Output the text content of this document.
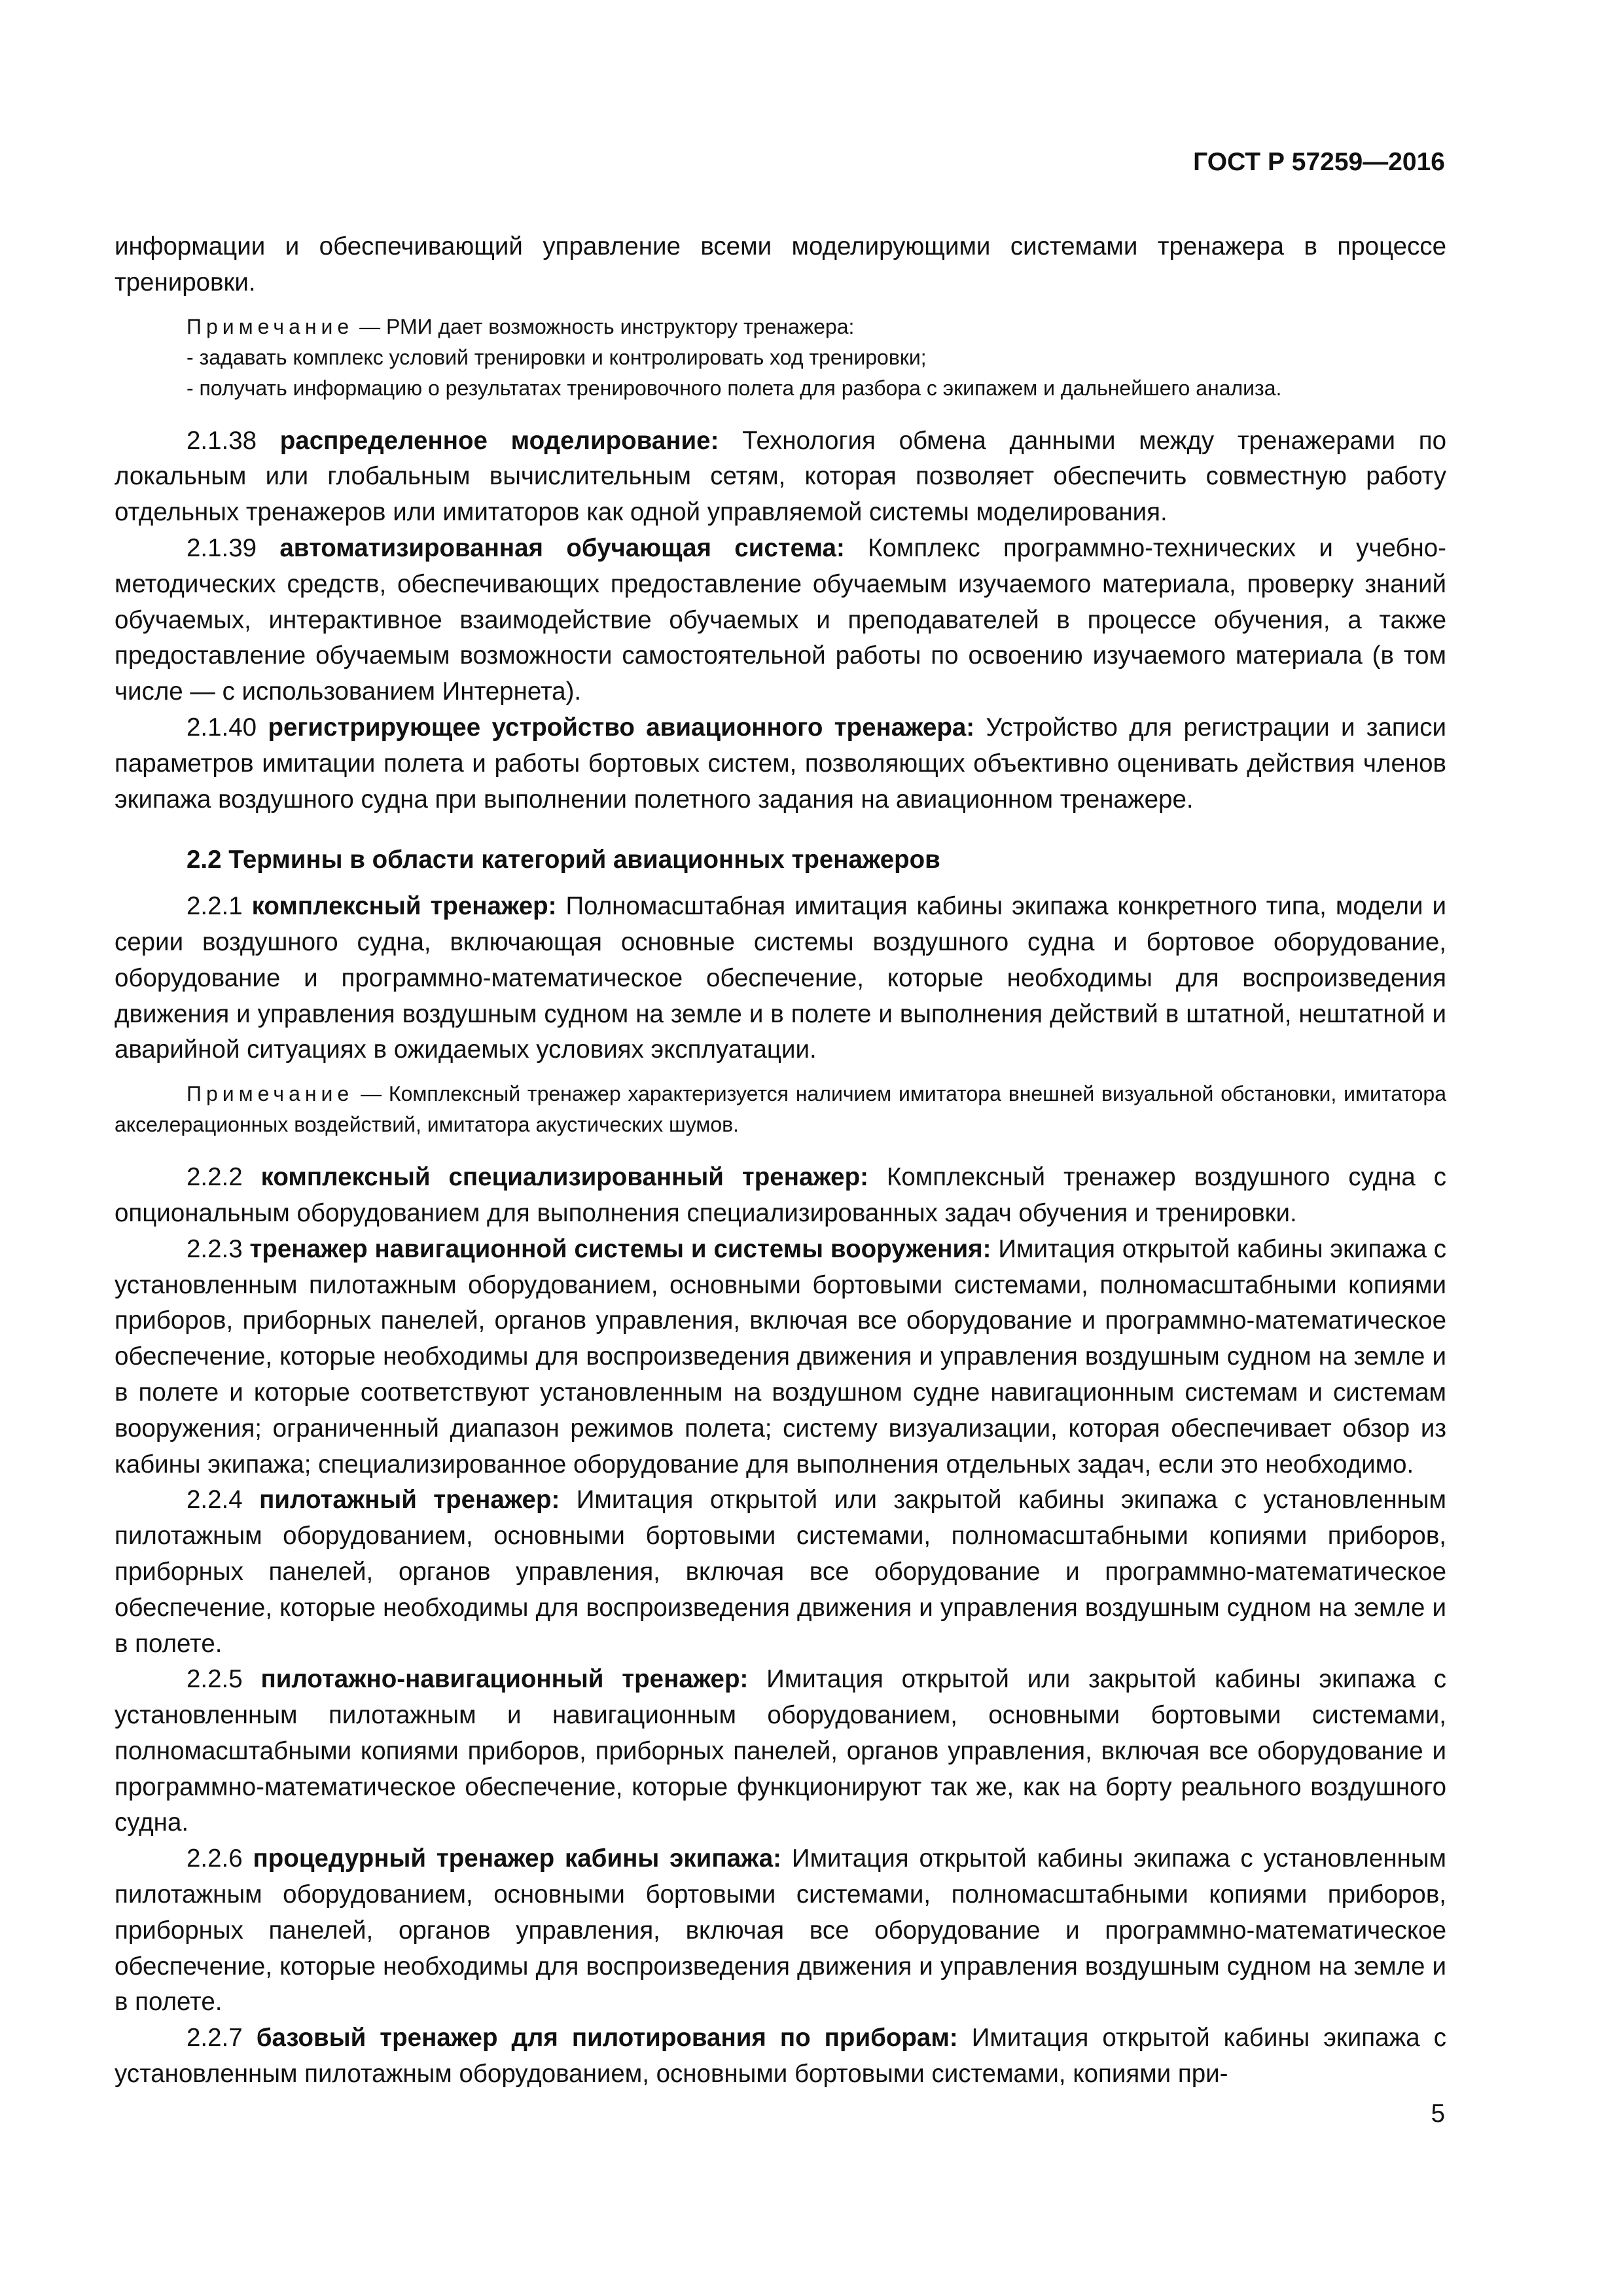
ГОСТ Р 57259—2016

информации и обеспечивающий управление всеми моделирующими системами тренажера в процессе тренировки.

Примечание — РМИ дает возможность инструктору тренажера:

- задавать комплекс условий тренировки и контролировать ход тренировки;

- получать информацию о результатах тренировочного полета для разбора с экипажем и дальнейшего анализа.

2.1.38 распределенное моделирование: Технология обмена данными между тренажерами по локальным или глобальным вычислительным сетям, которая позволяет обеспечить совместную работу отдельных тренажеров или имитаторов как одной управляемой системы моделирования.

2.1.39 автоматизированная обучающая система: Комплекс программно-технических и учебно-методических средств, обеспечивающих предоставление обучаемым изучаемого материала, проверку знаний обучаемых, интерактивное взаимодействие обучаемых и преподавателей в процессе обучения, а также предоставление обучаемым возможности самостоятельной работы по освоению изучаемого материала (в том числе — с использованием Интернета).

2.1.40 регистрирующее устройство авиационного тренажера: Устройство для регистрации и записи параметров имитации полета и работы бортовых систем, позволяющих объективно оценивать действия членов экипажа воздушного судна при выполнении полетного задания на авиационном тренажере.

2.2 Термины в области категорий авиационных тренажеров

2.2.1 комплексный тренажер: Полномасштабная имитация кабины экипажа конкретного типа, модели и серии воздушного судна, включающая основные системы воздушного судна и бортовое оборудование, оборудование и программно-математическое обеспечение, которые необходимы для воспроизведения движения и управления воздушным судном на земле и в полете и выполнения действий в штатной, нештатной и аварийной ситуациях в ожидаемых условиях эксплуатации.

Примечание — Комплексный тренажер характеризуется наличием имитатора внешней визуальной обстановки, имитатора акселерационных воздействий, имитатора акустических шумов.

2.2.2 комплексный специализированный тренажер: Комплексный тренажер воздушного судна с опциональным оборудованием для выполнения специализированных задач обучения и тренировки.

2.2.3 тренажер навигационной системы и системы вооружения: Имитация открытой кабины экипажа с установленным пилотажным оборудованием, основными бортовыми системами, полномасштабными копиями приборов, приборных панелей, органов управления, включая все оборудование и программно-математическое обеспечение, которые необходимы для воспроизведения движения и управления воздушным судном на земле и в полете и которые соответствуют установленным на воздушном судне навигационным системам и системам вооружения; ограниченный диапазон режимов полета; систему визуализации, которая обеспечивает обзор из кабины экипажа; специализированное оборудование для выполнения отдельных задач, если это необходимо.

2.2.4 пилотажный тренажер: Имитация открытой или закрытой кабины экипажа с установленным пилотажным оборудованием, основными бортовыми системами, полномасштабными копиями приборов, приборных панелей, органов управления, включая все оборудование и программно-математическое обеспечение, которые необходимы для воспроизведения движения и управления воздушным судном на земле и в полете.

2.2.5 пилотажно-навигационный тренажер: Имитация открытой или закрытой кабины экипажа с установленным пилотажным и навигационным оборудованием, основными бортовыми системами, полномасштабными копиями приборов, приборных панелей, органов управления, включая все оборудование и программно-математическое обеспечение, которые функционируют так же, как на борту реального воздушного судна.

2.2.6 процедурный тренажер кабины экипажа: Имитация открытой кабины экипажа с установленным пилотажным оборудованием, основными бортовыми системами, полномасштабными копиями приборов, приборных панелей, органов управления, включая все оборудование и программно-математическое обеспечение, которые необходимы для воспроизведения движения и управления воздушным судном на земле и в полете.

2.2.7 базовый тренажер для пилотирования по приборам: Имитация открытой кабины экипажа с установленным пилотажным оборудованием, основными бортовыми системами, копиями при-

5
